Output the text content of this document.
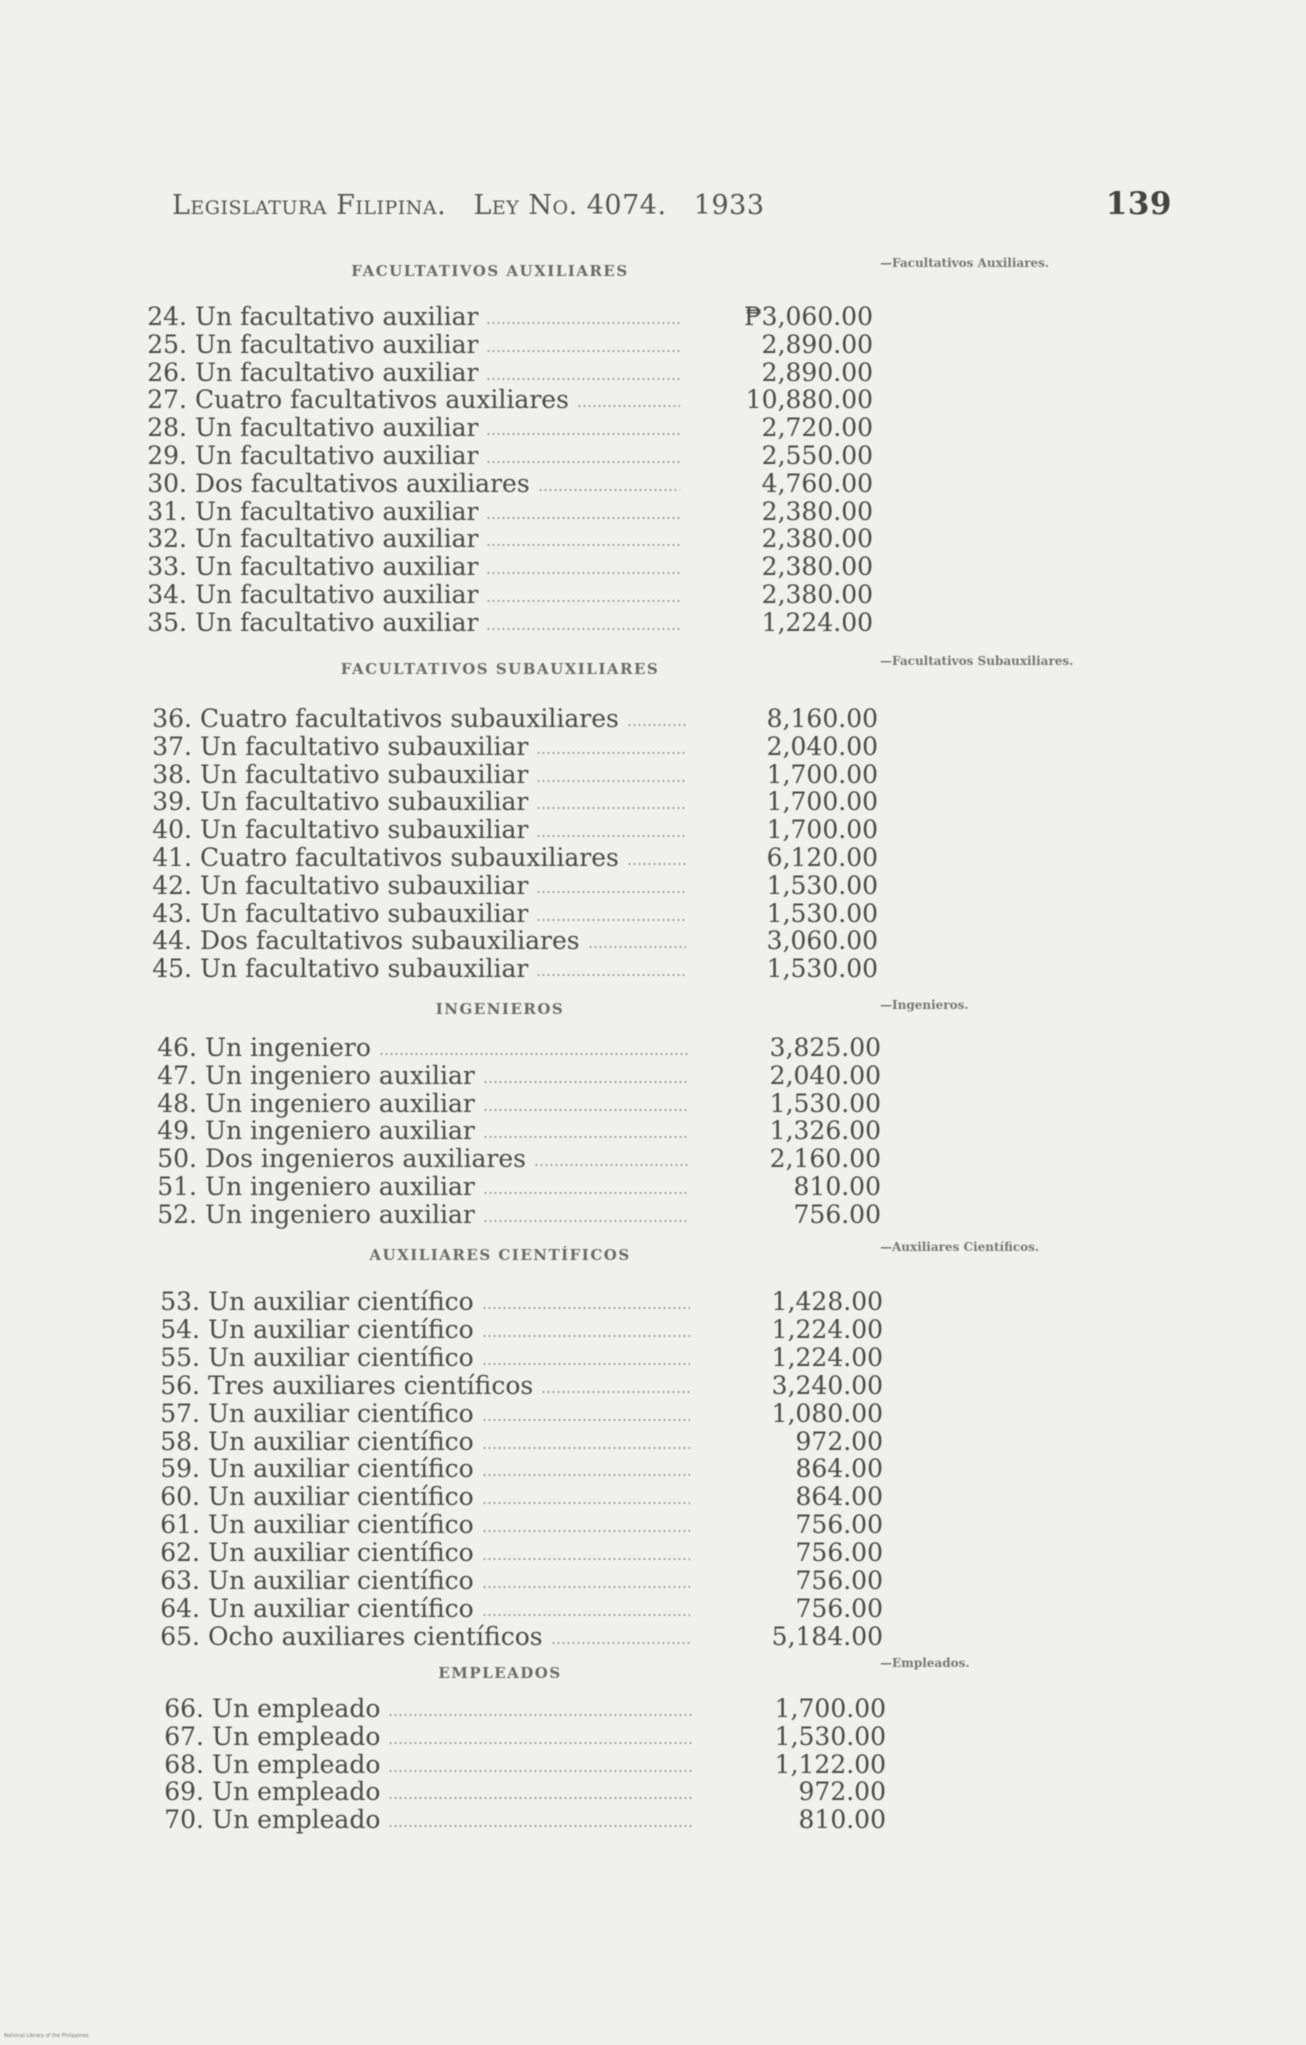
Legislatura Filipina. Ley No. 4074. 1933	139
FACULTATIVOS AUXILIARES	—Facultativos Auxiliares.
24. Un facultativo auxiliar	₱3,060.00
25. Un facultativo auxiliar	2,890.00
26. Un facultativo auxiliar	2,890.00
27. Cuatro facultativos auxiliares	10,880.00
28. Un facultativo auxiliar	2,720.00
29. Un facultativo auxiliar	2,550.00
30. Dos facultativos auxiliares	4,760.00
31. Un facultativo auxiliar	2,380.00
32. Un facultativo auxiliar	2,380.00
33. Un facultativo auxiliar	2,380.00
34. Un facultativo auxiliar	2,380.00
35. Un facultativo auxiliar	1,224.00
FACULTATIVOS SUBAUXILIARES	—Facultativos Subauxiliares.
36. Cuatro facultativos subauxiliares	8,160.00
37. Un facultativo subauxiliar	2,040.00
38. Un facultativo subauxiliar	1,700.00
39. Un facultativo subauxiliar	1,700.00
40. Un facultativo subauxiliar	1,700.00
41. Cuatro facultativos subauxiliares	6,120.00
42. Un facultativo subauxiliar	1,530.00
43. Un facultativo subauxiliar	1,530.00
44. Dos facultativos subauxiliares	3,060.00
45. Un facultativo subauxiliar	1,530.00
INGENIEROS	—Ingenieros.
46. Un ingeniero	3,825.00
47. Un ingeniero auxiliar	2,040.00
48. Un ingeniero auxiliar	1,530.00
49. Un ingeniero auxiliar	1,326.00
50. Dos ingenieros auxiliares	2,160.00
51. Un ingeniero auxiliar	810.00
52. Un ingeniero auxiliar	756.00
AUXILIARES CIENTÍFICOS	—Auxiliares Científicos.
53. Un auxiliar científico	1,428.00
54. Un auxiliar científico	1,224.00
55. Un auxiliar científico	1,224.00
56. Tres auxiliares científicos	3,240.00
57. Un auxiliar científico	1,080.00
58. Un auxiliar científico	972.00
59. Un auxiliar científico	864.00
60. Un auxiliar científico	864.00
61. Un auxiliar científico	756.00
62. Un auxiliar científico	756.00
63. Un auxiliar científico	756.00
64. Un auxiliar científico	756.00
65. Ocho auxiliares científicos	5,184.00
EMPLEADOS
—Empleados.
66. Un empleado	1,700.00
67. Un empleado	1,530.00
68. Un empleado	1,122.00
69. Un empleado	972.00
70. Un empleado	810.00
National Library of the Philippines
